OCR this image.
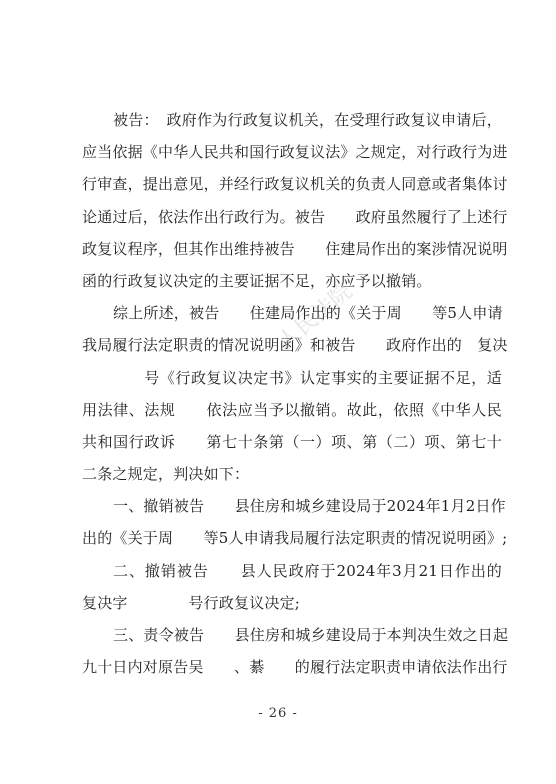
人民法院
被告：　政府作为行政复议机关，在受理行政复议申请后，
应当依据《中华人民共和国行政复议法》之规定，对行政行为进
行审查，提出意见，并经行政复议机关的负责人同意或者集体讨
论通过后，依法作出行政行为。被告　　政府虽然履行了上述行
政复议程序，但其作出维持被告　　住建局作出的案涉情况说明
函的行政复议决定的主要证据不足，亦应予以撤销。
综上所述，被告　　住建局作出的《关于周　　等5人申请
我局履行法定职责的情况说明函》和被告　　政府作出的　复决
　　　　号《行政复议决定书》认定事实的主要证据不足，适
用法律、法规　　依法应当予以撤销。故此，依照《中华人民
共和国行政诉　　第七十条第（一）项、第（二）项、第七十
二条之规定，判决如下：
一、撤销被告　　县住房和城乡建设局于2024年1月2日作
出的《关于周　　等5人申请我局履行法定职责的情况说明函》;
二、撤销被告　　县人民政府于2024年3月21日作出的
复决字　　　　号行政复议决定;
三、责令被告　　县住房和城乡建设局于本判决生效之日起
九十日内对原告吴　　、綦　　的履行法定职责申请依法作出行
- 26 -
